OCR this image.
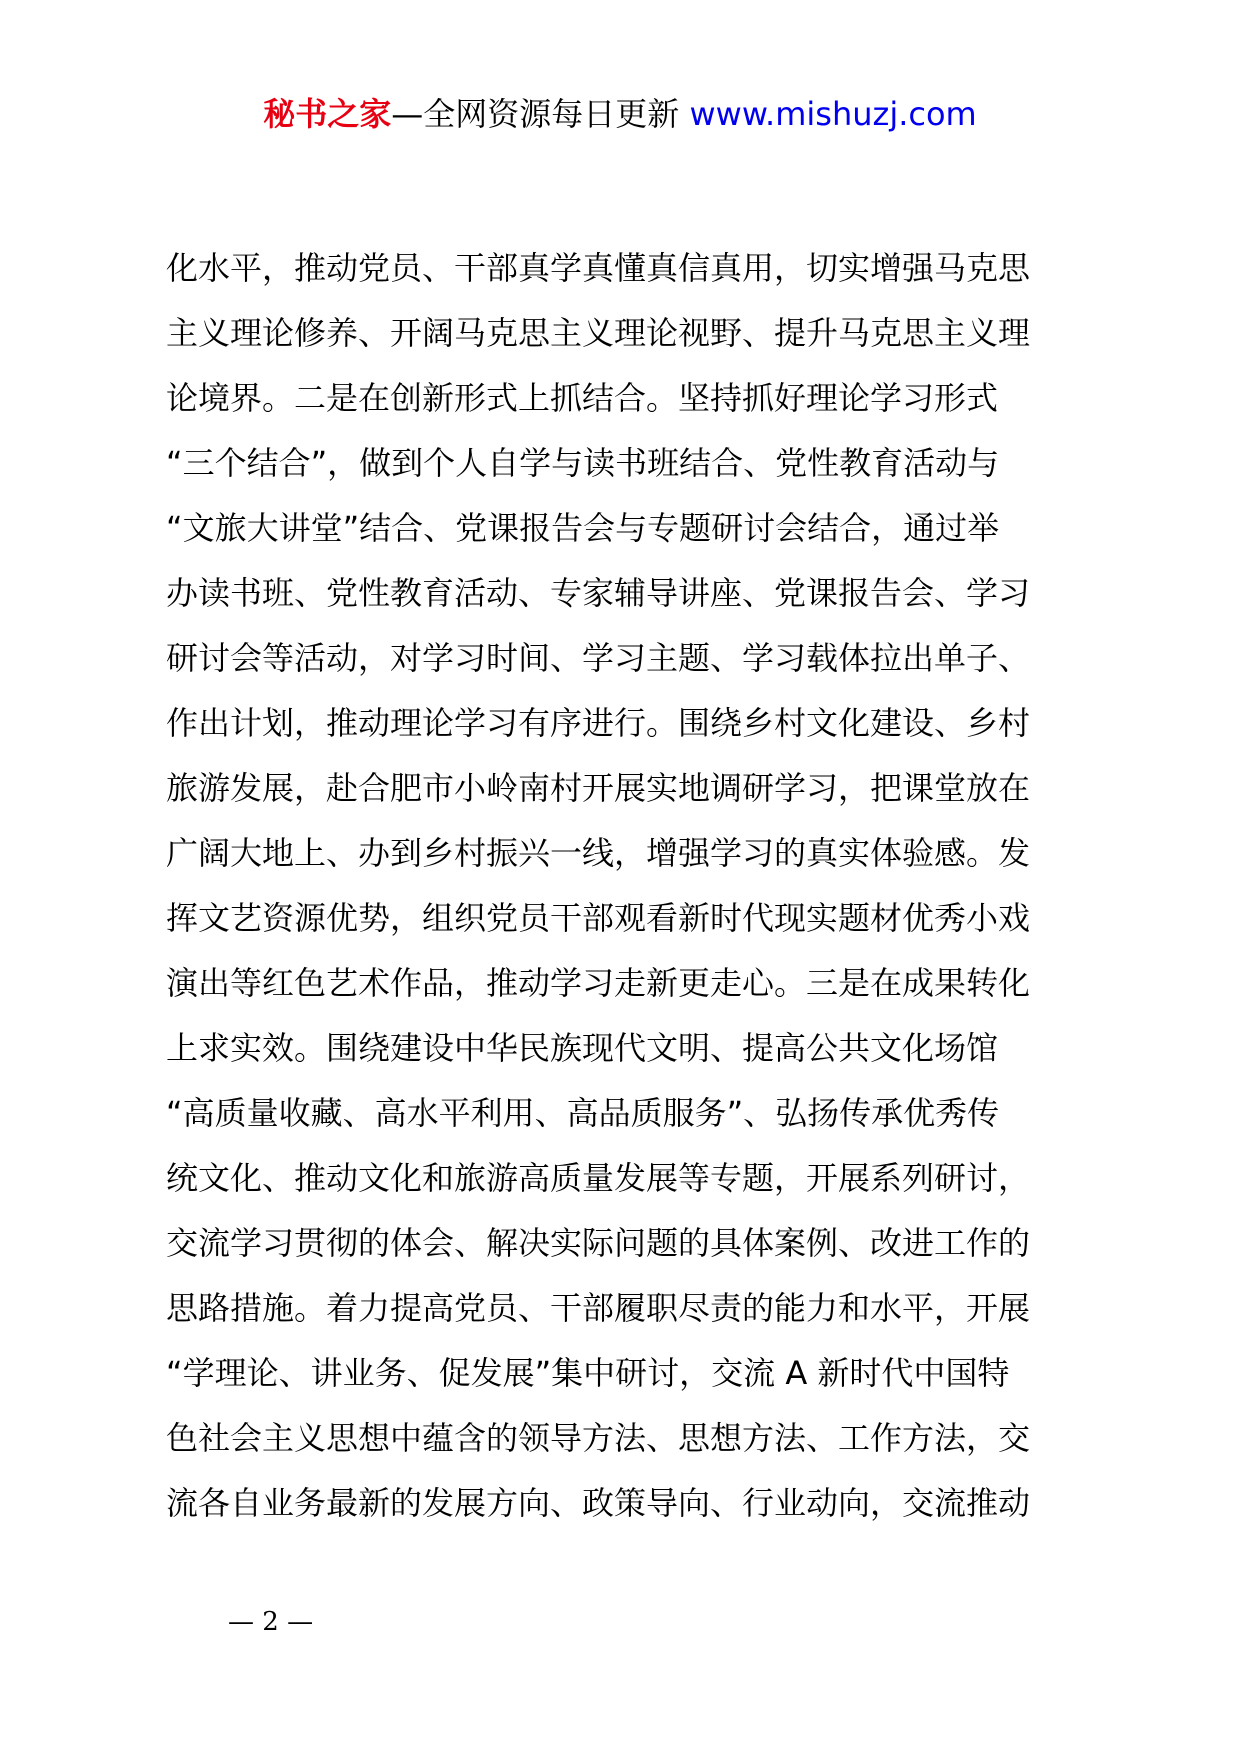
秘书之家—全网资源每日更新 www.mishuzj.com
化水平，推动党员、干部真学真懂真信真用，切实增强马克思
主义理论修养、开阔马克思主义理论视野、提升马克思主义理
论境界。二是在创新形式上抓结合。坚持抓好理论学习形式
“三个结合”，做到个人自学与读书班结合、党性教育活动与
“文旅大讲堂”结合、党课报告会与专题研讨会结合，通过举
办读书班、党性教育活动、专家辅导讲座、党课报告会、学习
研讨会等活动，对学习时间、学习主题、学习载体拉出单子、
作出计划，推动理论学习有序进行。围绕乡村文化建设、乡村
旅游发展，赴合肥市小岭南村开展实地调研学习，把课堂放在
广阔大地上、办到乡村振兴一线，增强学习的真实体验感。发
挥文艺资源优势，组织党员干部观看新时代现实题材优秀小戏
演出等红色艺术作品，推动学习走新更走心。三是在成果转化
上求实效。围绕建设中华民族现代文明、提高公共文化场馆
“高质量收藏、高水平利用、高品质服务”、弘扬传承优秀传
统文化、推动文化和旅游高质量发展等专题，开展系列研讨，
交流学习贯彻的体会、解决实际问题的具体案例、改进工作的
思路措施。着力提高党员、干部履职尽责的能力和水平，开展
“学理论、讲业务、促发展”集中研讨，交流 A 新时代中国特
色社会主义思想中蕴含的领导方法、思想方法、工作方法，交
流各自业务最新的发展方向、政策导向、行业动向，交流推动
— 2 —
